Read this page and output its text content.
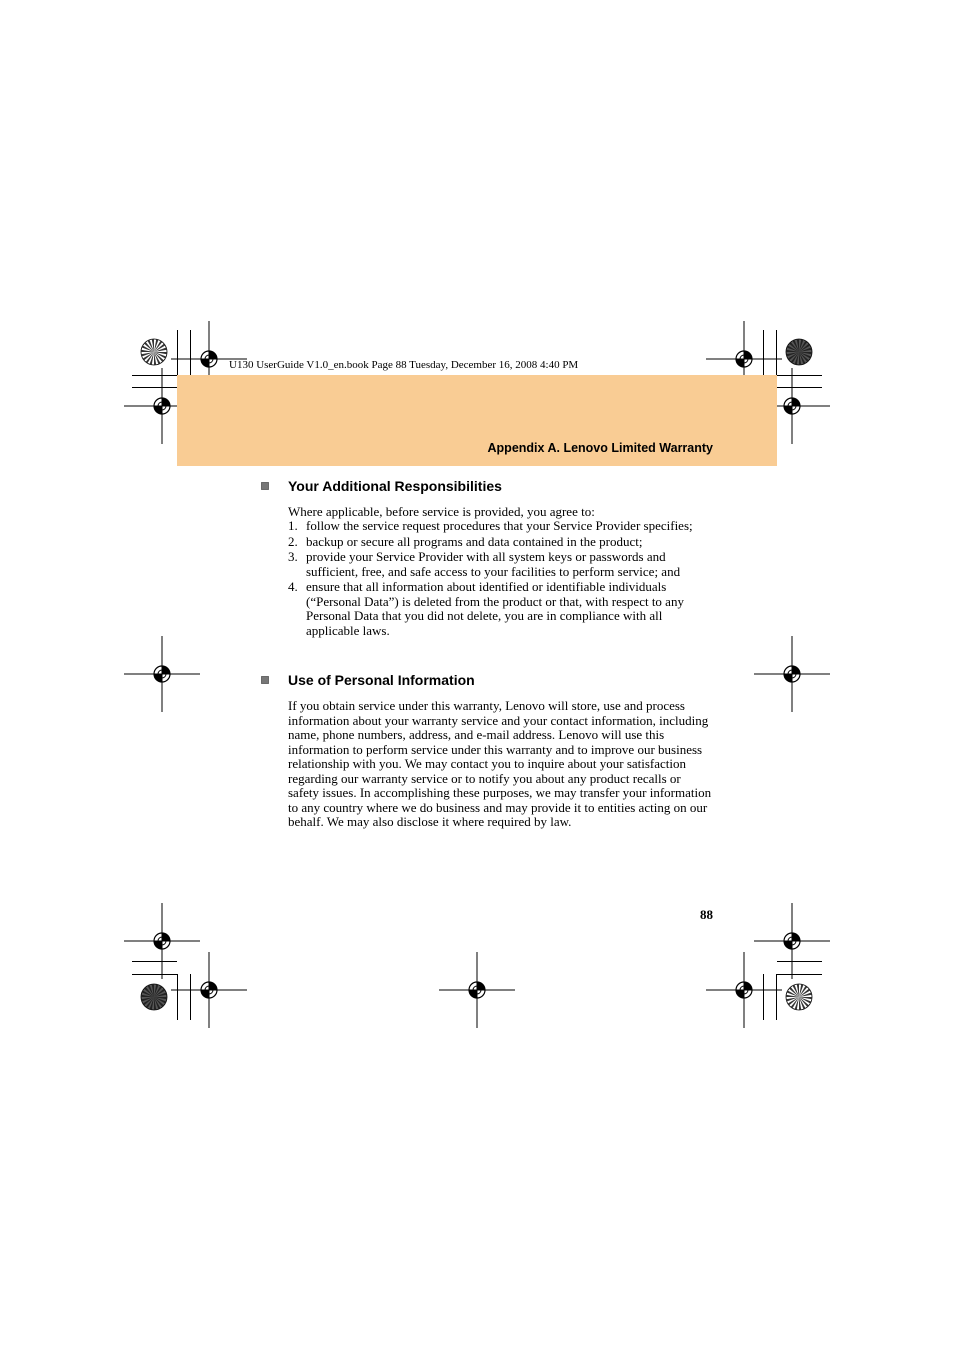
U130 UserGuide V1.0_en.book Page 88 Tuesday, December 16, 2008 4:40 PM
Appendix A. Lenovo Limited Warranty
Your Additional Responsibilities
Where applicable, before service is provided, you agree to:
1. follow the service request procedures that your Service Provider specifies;
2. backup or secure all programs and data contained in the product;
3. provide your Service Provider with all system keys or passwords and sufficient, free, and safe access to your facilities to perform service; and
4. ensure that all information about identified or identifiable individuals (“Personal Data”) is deleted from the product or that, with respect to any Personal Data that you did not delete, you are in compliance with all applicable laws.
Use of Personal Information
If you obtain service under this warranty, Lenovo will store, use and process information about your warranty service and your contact information, including name, phone numbers, address, and e-mail address. Lenovo will use this information to perform service under this warranty and to improve our business relationship with you. We may contact you to inquire about your satisfaction regarding our warranty service or to notify you about any product recalls or safety issues. In accomplishing these purposes, we may transfer your information to any country where we do business and may provide it to entities acting on our behalf. We may also disclose it where required by law.
88
